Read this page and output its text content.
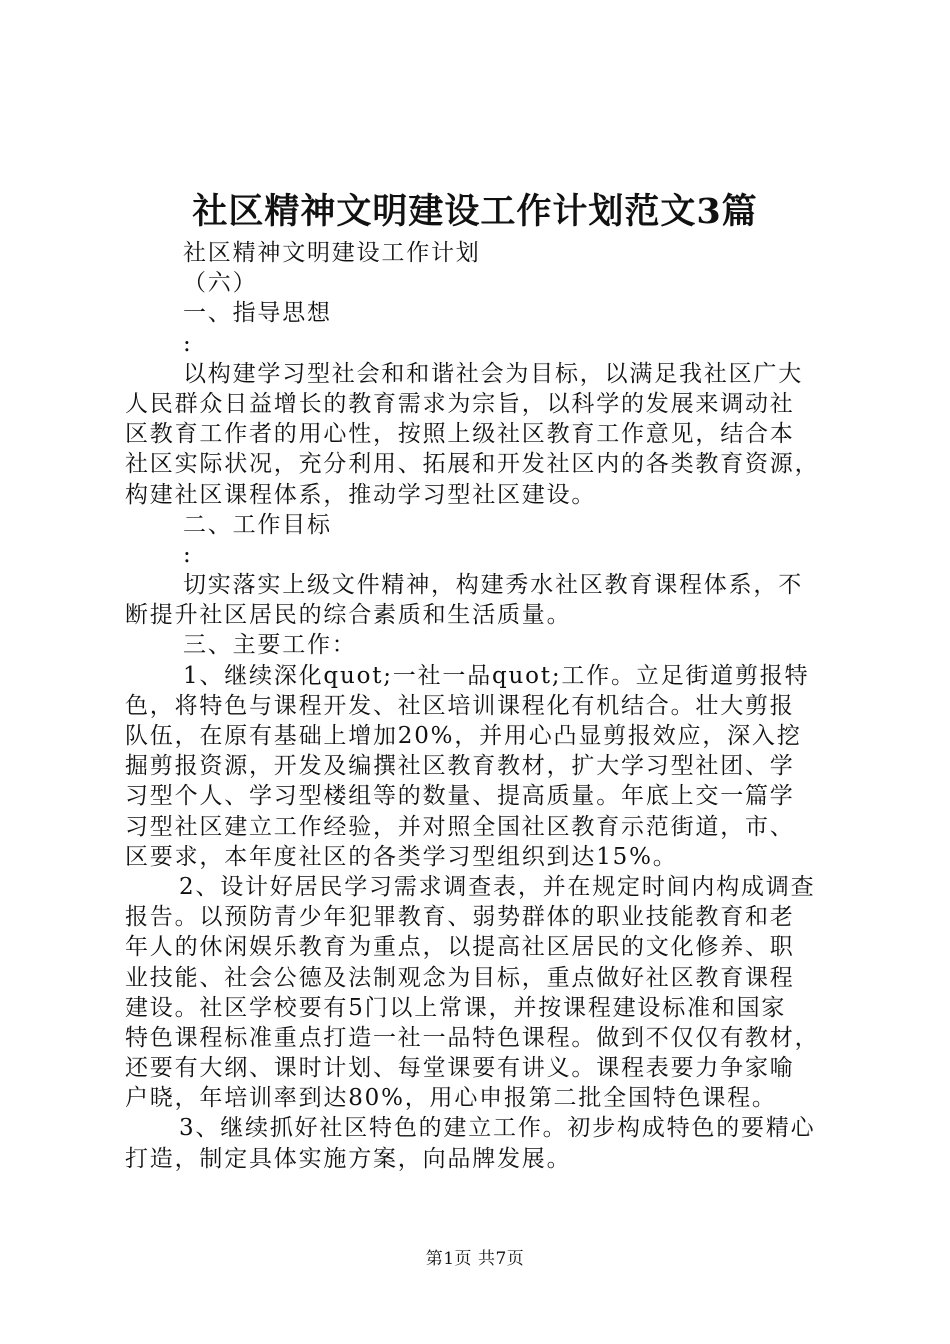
社区精神文明建设工作计划范文3篇
社区精神文明建设工作计划
（六）
一、指导思想
:
以构建学习型社会和和谐社会为目标，以满足我社区广大
人民群众日益增长的教育需求为宗旨，以科学的发展来调动社
区教育工作者的用心性，按照上级社区教育工作意见，结合本
社区实际状况，充分利用、拓展和开发社区内的各类教育资源，
构建社区课程体系，推动学习型社区建设。
二、工作目标
:
切实落实上级文件精神，构建秀水社区教育课程体系，不
断提升社区居民的综合素质和生活质量。
三、主要工作：
1、继续深化quot;一社一品quot;工作。立足街道剪报特
色，将特色与课程开发、社区培训课程化有机结合。壮大剪报
队伍，在原有基础上增加20%，并用心凸显剪报效应，深入挖
掘剪报资源，开发及编撰社区教育教材，扩大学习型社团、学
习型个人、学习型楼组等的数量、提高质量。年底上交一篇学
习型社区建立工作经验，并对照全国社区教育示范街道，市、
区要求，本年度社区的各类学习型组织到达15%。
2、设计好居民学习需求调查表，并在规定时间内构成调查
报告。以预防青少年犯罪教育、弱势群体的职业技能教育和老
年人的休闲娱乐教育为重点，以提高社区居民的文化修养、职
业技能、社会公德及法制观念为目标，重点做好社区教育课程
建设。社区学校要有5门以上常课，并按课程建设标准和国家
特色课程标准重点打造一社一品特色课程。做到不仅仅有教材，
还要有大纲、课时计划、每堂课要有讲义。课程表要力争家喻
户晓，年培训率到达80%，用心申报第二批全国特色课程。
3、继续抓好社区特色的建立工作。初步构成特色的要精心
打造，制定具体实施方案，向品牌发展。
第1页 共7页
